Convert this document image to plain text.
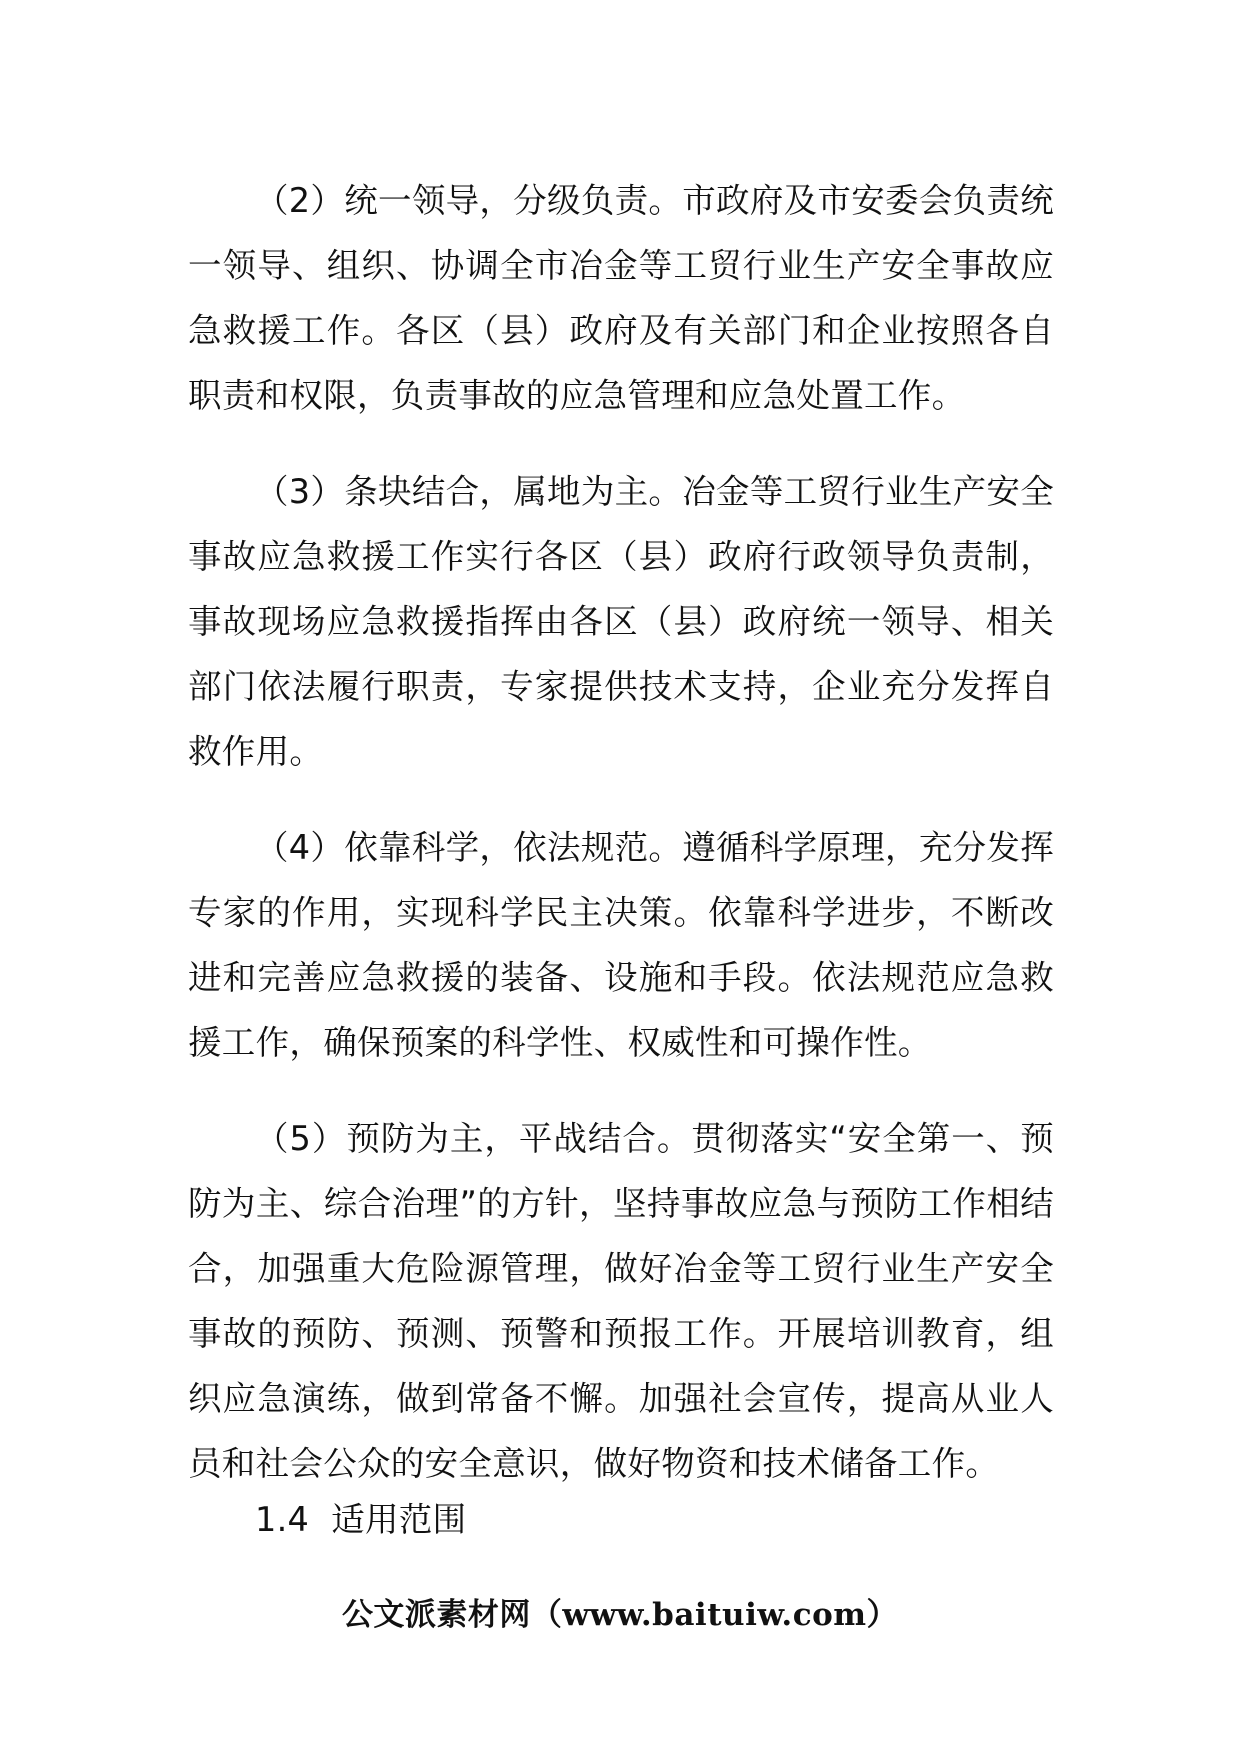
（2）统一领导，分级负责。市政府及市安委会负责统一领导、组织、协调全市冶金等工贸行业生产安全事故应急救援工作。各区（县）政府及有关部门和企业按照各自职责和权限，负责事故的应急管理和应急处置工作。

（3）条块结合，属地为主。冶金等工贸行业生产安全事故应急救援工作实行各区（县）政府行政领导负责制，事故现场应急救援指挥由各区（县）政府统一领导、相关部门依法履行职责，专家提供技术支持，企业充分发挥自救作用。

（4）依靠科学，依法规范。遵循科学原理，充分发挥专家的作用，实现科学民主决策。依靠科学进步，不断改进和完善应急救援的装备、设施和手段。依法规范应急救援工作，确保预案的科学性、权威性和可操作性。

（5）预防为主，平战结合。贯彻落实“安全第一、预防为主、综合治理”的方针，坚持事故应急与预防工作相结合，加强重大危险源管理，做好冶金等工贸行业生产安全事故的预防、预测、预警和预报工作。开展培训教育，组织应急演练，做到常备不懈。加强社会宣传，提高从业人员和社会公众的安全意识，做好物资和技术储备工作。

1.4 适用范围
公文派素材网（www.baituiw.com）
